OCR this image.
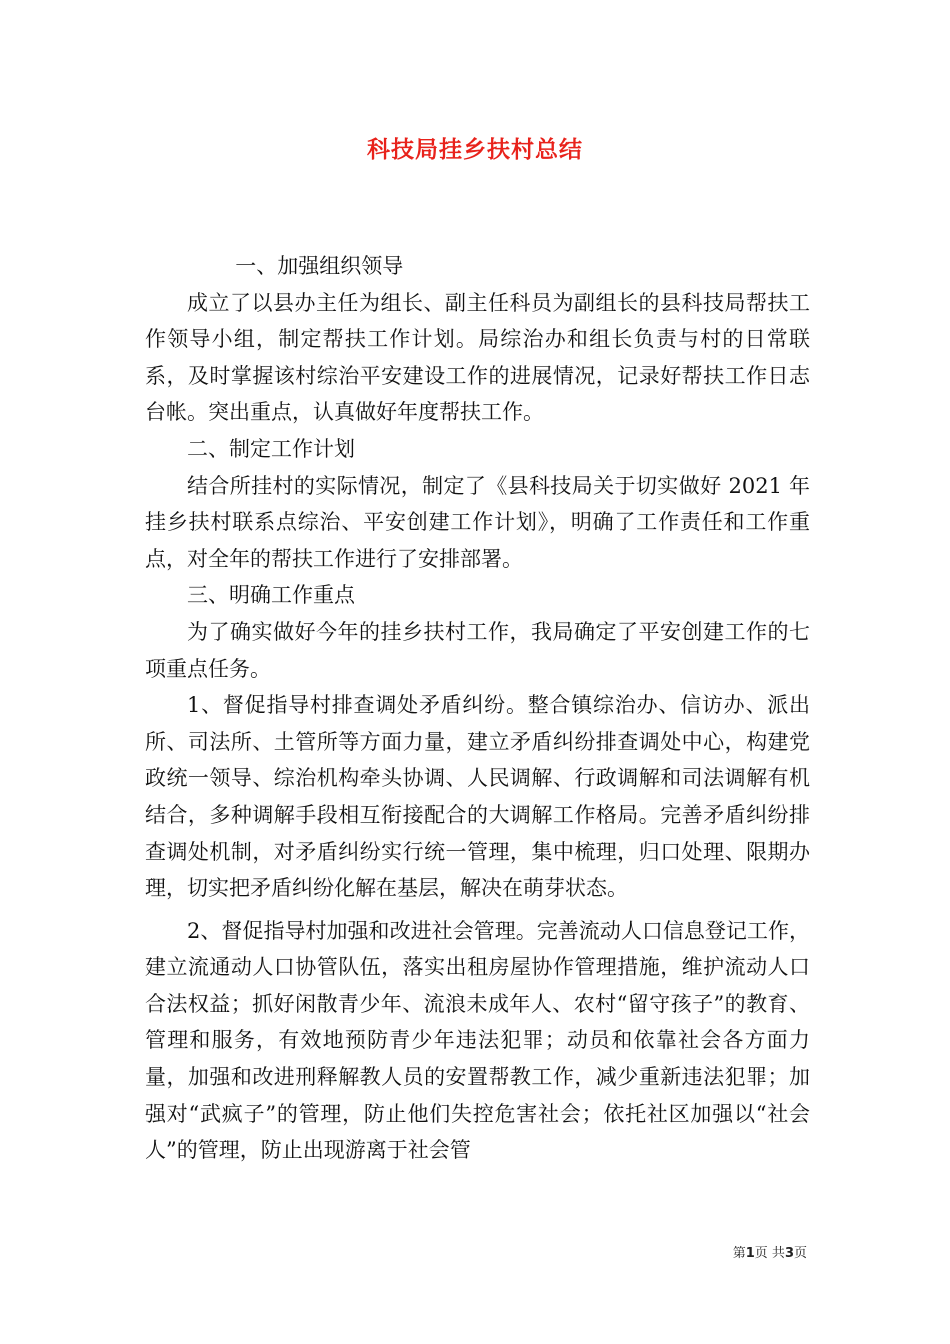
科技局挂乡扶村总结

一、加强组织领导

成立了以县办主任为组长、副主任科员为副组长的县科技局帮扶工作领导小组，制定帮扶工作计划。局综治办和组长负责与村的日常联系，及时掌握该村综治平安建设工作的进展情况，记录好帮扶工作日志台帐。突出重点，认真做好年度帮扶工作。

二、制定工作计划

结合所挂村的实际情况，制定了《县科技局关于切实做好 2021 年挂乡扶村联系点综治、平安创建工作计划》，明确了工作责任和工作重点，对全年的帮扶工作进行了安排部署。

三、明确工作重点

为了确实做好今年的挂乡扶村工作，我局确定了平安创建工作的七项重点任务。

1、督促指导村排查调处矛盾纠纷。整合镇综治办、信访办、派出所、司法所、土管所等方面力量，建立矛盾纠纷排查调处中心，构建党政统一领导、综治机构牵头协调、人民调解、行政调解和司法调解有机结合，多种调解手段相互衔接配合的大调解工作格局。完善矛盾纠纷排查调处机制，对矛盾纠纷实行统一管理，集中梳理，归口处理、限期办理，切实把矛盾纠纷化解在基层，解决在萌芽状态。

2、督促指导村加强和改进社会管理。完善流动人口信息登记工作，建立流通动人口协管队伍，落实出租房屋协作管理措施，维护流动人口合法权益；抓好闲散青少年、流浪未成年人、农村“留守孩子”的教育、管理和服务，有效地预防青少年违法犯罪；动员和依靠社会各方面力量，加强和改进刑释解教人员的安置帮教工作，减少重新违法犯罪；加强对“武疯子”的管理，防止他们失控危害社会；依托社区加强以“社会人”的管理，防止出现游离于社会管

第1页 共3页
